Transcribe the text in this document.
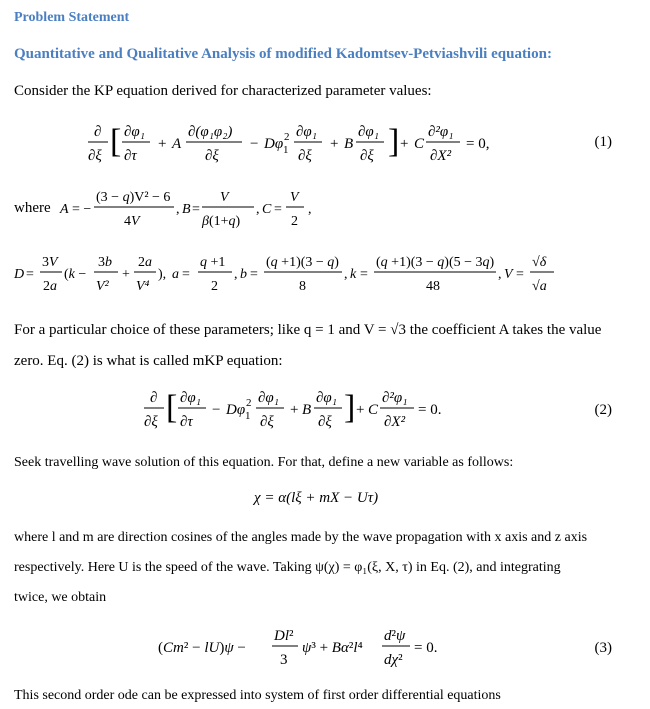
Problem Statement
Quantitative and Qualitative Analysis of modified Kadomtsev-Petviashvili equation:
Consider the KP equation derived for characterized parameter values:
∂
∂ξ [ ∂φ₁
∂τ
+ A
∂(φ₁φ₂)
∂ξ
− Dφ 2
1
∂φ₁
∂ξ
+ B
∂φ₁
∂ξ ] + C
∂²φ₁
∂X²
= 0,	(1)
where A = −
(3 − q)V² − 6
4V
, B =
V
β(1+q)
, C =
V
2
,
D =
3V
2a
(k −
3b
V²
+
2a
V⁴
), a =
q +1
2
, b =
(q +1)(3 − q)
8
, k =
(q +1)(3 − q)(5 − 3q)
48
, V =
√δ
√a
For a particular choice of these parameters; like q = 1 and V = √3 the coefficient A takes the value
zero. Eq. (2) is what is called mKP equation:
∂
∂ξ [ ∂φ₁
∂τ
− Dφ 2
1
∂φ₁
∂ξ
+ B
∂φ₁
∂ξ ] + C
∂²φ₁
∂X²
= 0.	(2)
Seek travelling wave solution of this equation. For that, define a new variable as follows:
χ = α(lξ + mX − Uτ)
where l and m are direction cosines of the angles made by the wave propagation with x axis and z axis
respectively. Here U is the speed of the wave. Taking ψ(χ) = φ₁(ξ, X, τ) in Eq. (2), and integrating
twice, we obtain
(Cm² − lU)ψ −
Dl²
3
ψ³ + Bα²l⁴
d²ψ
dχ²
= 0.	(3)
This second order ode can be expressed into system of first order differential equations
